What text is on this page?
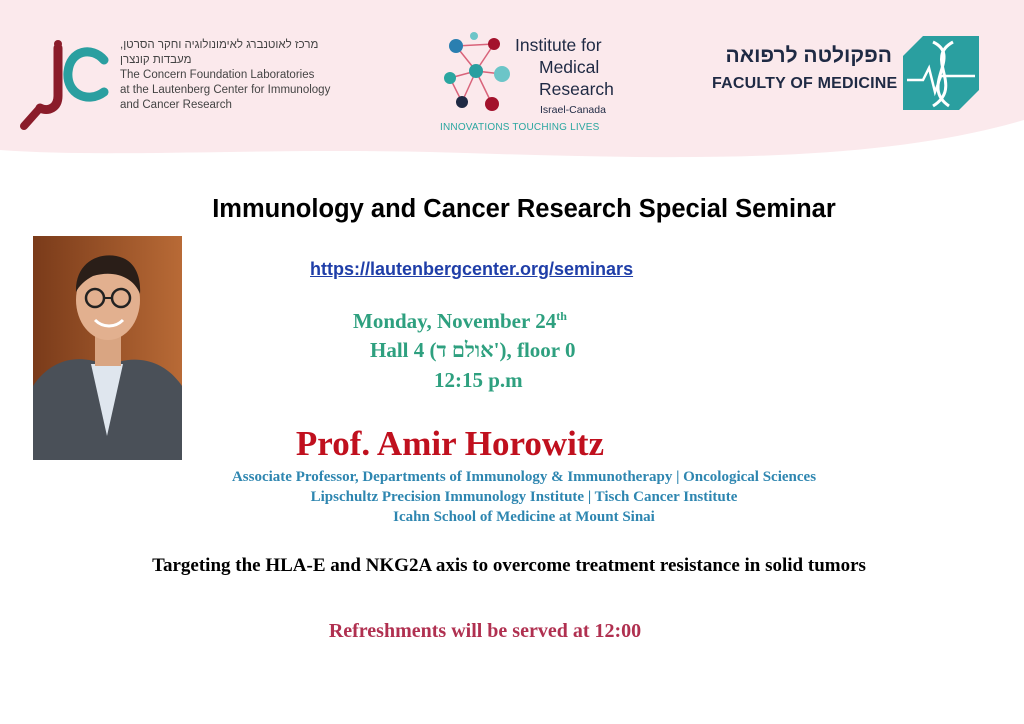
מרכז לאוטנברג לאימונולוגיה וחקר הסרטן,
מעבדות קונצרן
The Concern Foundation Laboratories
at the Lautenberg Center for Immunology
and Cancer Research
Institute for
Medical
Research
Israel-Canada
INNOVATIONS TOUCHING LIVES
הפקולטה לרפואה
FACULTY OF MEDICINE
Immunology and Cancer Research Special Seminar
https://lautenbergcenter.org/seminars
Monday, November 24th
Hall 4 (אולם ד'), floor 0
12:15 p.m
Prof. Amir Horowitz
Associate Professor, Departments of Immunology & Immunotherapy | Oncological Sciences
Lipschultz Precision Immunology Institute | Tisch Cancer Institute
Icahn School of Medicine at Mount Sinai
Targeting the HLA-E and NKG2A axis to overcome treatment resistance in solid tumors
Refreshments will be served at 12:00
